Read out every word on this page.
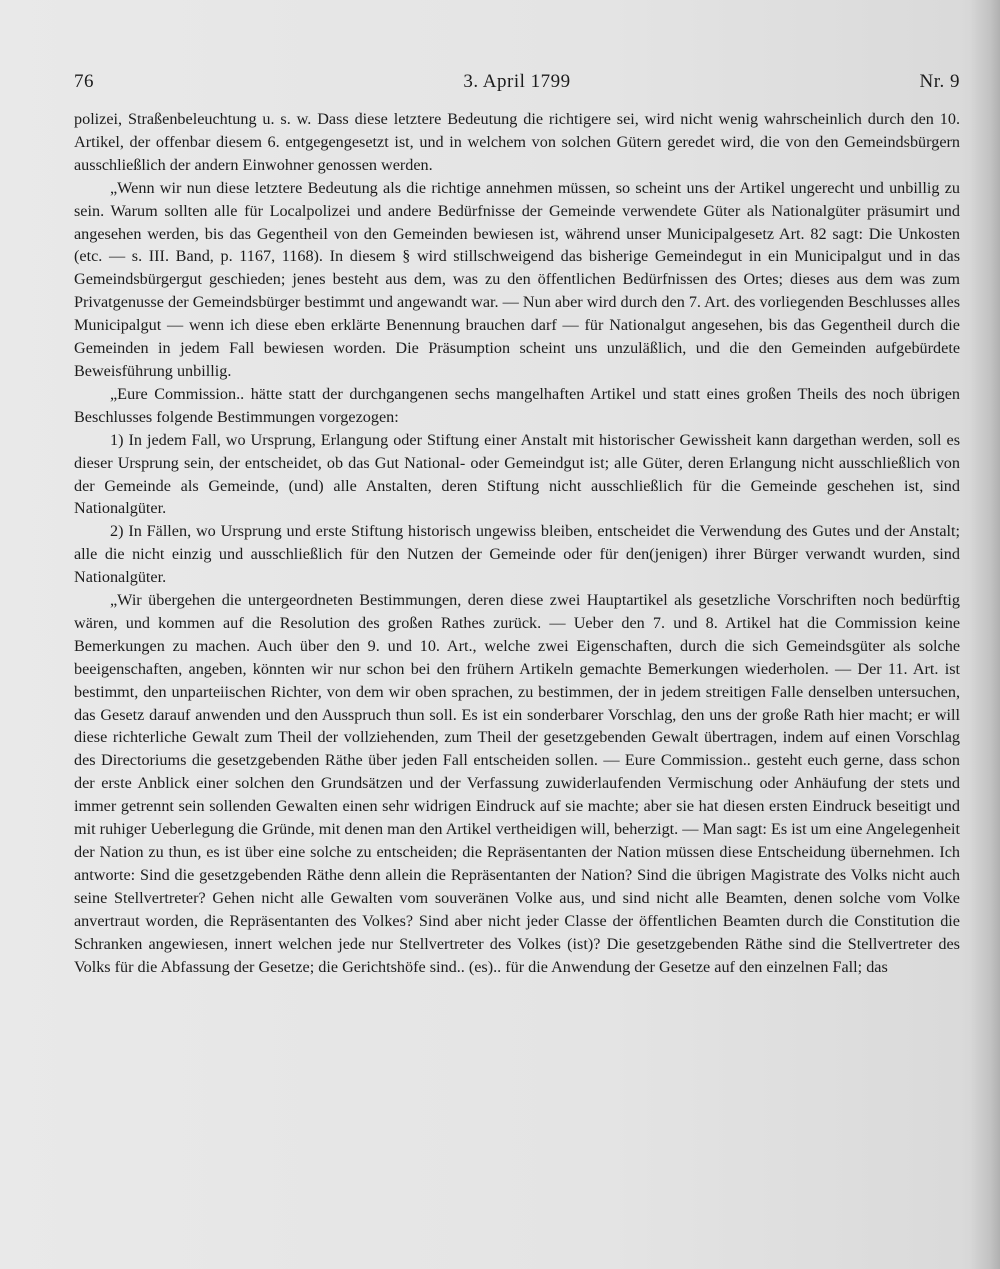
76	3. April 1799	Nr. 9

polizei, Straßenbeleuchtung u. s. w. Dass diese letztere Bedeutung die richtigere sei, wird nicht wenig wahrscheinlich durch den 10. Artikel, der offenbar diesem 6. entgegengesetzt ist, und in welchem von solchen Gütern geredet wird, die von den Gemeindsbürgern ausschließlich der andern Einwohner genossen werden.

„Wenn wir nun diese letztere Bedeutung als die richtige annehmen müssen, so scheint uns der Artikel ungerecht und unbillig zu sein. Warum sollten alle für Localpolizei und andere Bedürfnisse der Gemeinde verwendete Güter als Nationalgüter präsumirt und angesehen werden, bis das Gegentheil von den Gemeinden bewiesen ist, während unser Municipalgesetz Art. 82 sagt: Die Unkosten (etc. — s. III. Band, p. 1167, 1168). In diesem § wird stillschweigend das bisherige Gemeindegut in ein Municipalgut und in das Gemeindsbürgergut geschieden; jenes besteht aus dem, was zu den öffentlichen Bedürfnissen des Ortes; dieses aus dem was zum Privatgenusse der Gemeindsbürger bestimmt und angewandt war. — Nun aber wird durch den 7. Art. des vorliegenden Beschlusses alles Municipalgut — wenn ich diese eben erklärte Benennung brauchen darf — für Nationalgut angesehen, bis das Gegentheil durch die Gemeinden in jedem Fall bewiesen worden. Die Präsumption scheint uns unzuläßlich, und die den Gemeinden aufgebürdete Beweisführung unbillig.

„Eure Commission.. hätte statt der durchgangenen sechs mangelhaften Artikel und statt eines großen Theils des noch übrigen Beschlusses folgende Bestimmungen vorgezogen:

1) In jedem Fall, wo Ursprung, Erlangung oder Stiftung einer Anstalt mit historischer Gewissheit kann dargethan werden, soll es dieser Ursprung sein, der entscheidet, ob das Gut National- oder Gemeindgut ist; alle Güter, deren Erlangung nicht ausschließlich von der Gemeinde als Gemeinde, (und) alle Anstalten, deren Stiftung nicht ausschließlich für die Gemeinde geschehen ist, sind Nationalgüter.

2) In Fällen, wo Ursprung und erste Stiftung historisch ungewiss bleiben, entscheidet die Verwendung des Gutes und der Anstalt; alle die nicht einzig und ausschließlich für den Nutzen der Gemeinde oder für den(jenigen) ihrer Bürger verwandt wurden, sind Nationalgüter.

„Wir übergehen die untergeordneten Bestimmungen, deren diese zwei Hauptartikel als gesetzliche Vorschriften noch bedürftig wären, und kommen auf die Resolution des großen Rathes zurück. — Ueber den 7. und 8. Artikel hat die Commission keine Bemerkungen zu machen. Auch über den 9. und 10. Art., welche zwei Eigenschaften, durch die sich Gemeindsgüter als solche beeigenschaften, angeben, könnten wir nur schon bei den frühern Artikeln gemachte Bemerkungen wiederholen. — Der 11. Art. ist bestimmt, den unparteiischen Richter, von dem wir oben sprachen, zu bestimmen, der in jedem streitigen Falle denselben untersuchen, das Gesetz darauf anwenden und den Ausspruch thun soll. Es ist ein sonderbarer Vorschlag, den uns der große Rath hier macht; er will diese richterliche Gewalt zum Theil der vollziehenden, zum Theil der gesetzgebenden Gewalt übertragen, indem auf einen Vorschlag des Directoriums die gesetzgebenden Räthe über jeden Fall entscheiden sollen. — Eure Commission.. gesteht euch gerne, dass schon der erste Anblick einer solchen den Grundsätzen und der Verfassung zuwiderlaufenden Vermischung oder Anhäufung der stets und immer getrennt sein sollenden Gewalten einen sehr widrigen Eindruck auf sie machte; aber sie hat diesen ersten Eindruck beseitigt und mit ruhiger Ueberlegung die Gründe, mit denen man den Artikel vertheidigen will, beherzigt. — Man sagt: Es ist um eine Angelegenheit der Nation zu thun, es ist über eine solche zu entscheiden; die Repräsentanten der Nation müssen diese Entscheidung übernehmen. Ich antworte: Sind die gesetzgebenden Räthe denn allein die Repräsentanten der Nation? Sind die übrigen Magistrate des Volks nicht auch seine Stellvertreter? Gehen nicht alle Gewalten vom souveränen Volke aus, und sind nicht alle Beamten, denen solche vom Volke anvertraut worden, die Repräsentanten des Volkes? Sind aber nicht jeder Classe der öffentlichen Beamten durch die Constitution die Schranken angewiesen, innert welchen jede nur Stellvertreter des Volkes (ist)? Die gesetzgebenden Räthe sind die Stellvertreter des Volks für die Abfassung der Gesetze; die Gerichtshöfe sind.. (es).. für die Anwendung der Gesetze auf den einzelnen Fall; das
